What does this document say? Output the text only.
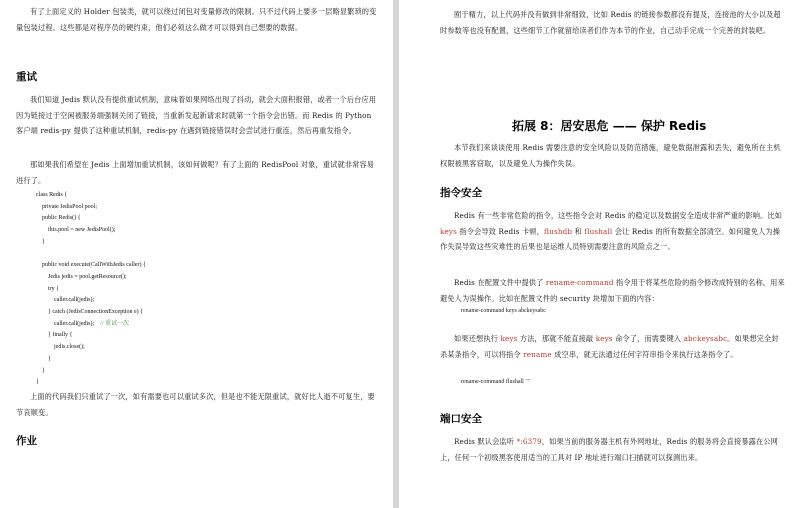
有了上面定义的 Holder 包装类，就可以绕过闭包对变量修改的限制。只不过代码上要多一层略显繁琐的变量包装过程。这些都是对程序员的硬约束，他们必须这么做才可以得到自己想要的数据。
重试
我们知道 Jedis 默认没有提供重试机制，意味着如果网络出现了抖动，就会大面积报错，或者一个后台应用因为链接过于空闲被服务端强制关闭了链接，当重新发起新请求时就第一个指令会出错。而 Redis 的 Python 客户端 redis-py 提供了这种重试机制，redis-py 在遇到链接错误时会尝试进行重连，然后再重发指令。
那如果我们希望在 Jedis 上面增加重试机制，该如何做呢？有了上面的 RedisPool 对象，重试就非常容易进行了。
class Redis {
private JedisPool pool;
public Redis() {
this.pool = new JedisPool();
}

public void execute(CallWithJedis caller) {
Jedis jedis = pool.getResource();
try {
caller.call(jedis);
} catch (JedisConnectionException e) {
caller.call(jedis);    // 重试一次
} finally {
jedis.close();
}
}
}
上面的代码我们只重试了一次，如有需要也可以重试多次，但是也不能无限重试，就好比人逝不可复生，要节哀顺变。
作业
囿于精力，以上代码并没有做到非常细致，比如 Redis 的链接参数都没有提及，连接池的大小以及超时参数等也没有配置，这些细节工作就留给读者们作为本节的作业，自己动手完成一个完善的封装吧。
拓展 8：居安思危 —— 保护 Redis
本节我们来谈谈使用 Redis 需要注意的安全风险以及防范措施，避免数据泄露和丢失，避免所在主机权限被黑客窃取，以及避免人为操作失误。
指令安全
Redis 有一些非常危险的指令，这些指令会对 Redis 的稳定以及数据安全造成非常严重的影响。比如 keys 指令会导致 Redis 卡顿，flushdb 和 flushall 会让 Redis 的所有数据全部清空。如何避免人为操作失误导致这些灾难性的后果也是运维人员特别需要注意的风险点之一。
Redis 在配置文件中提供了 rename-command 指令用于将某些危险的指令修改成特别的名称，用来避免人为误操作。比如在配置文件的 security 块增加下面的内容：
rename-command keys abckeysabc
如果还想执行 keys 方法，那就不能直接敲 keys 命令了，而需要键入 abckeysabc。如果想完全封杀某条指令，可以将指令 rename 成空串，就无法通过任何字符串指令来执行这条指令了。
rename-command flushall ""
端口安全
Redis 默认会监听 *:6379，如果当前的服务器主机有外网地址，Redis 的服务将会直接暴露在公网上，任何一个初级黑客使用适当的工具对 IP 地址进行端口扫描就可以探测出来。
